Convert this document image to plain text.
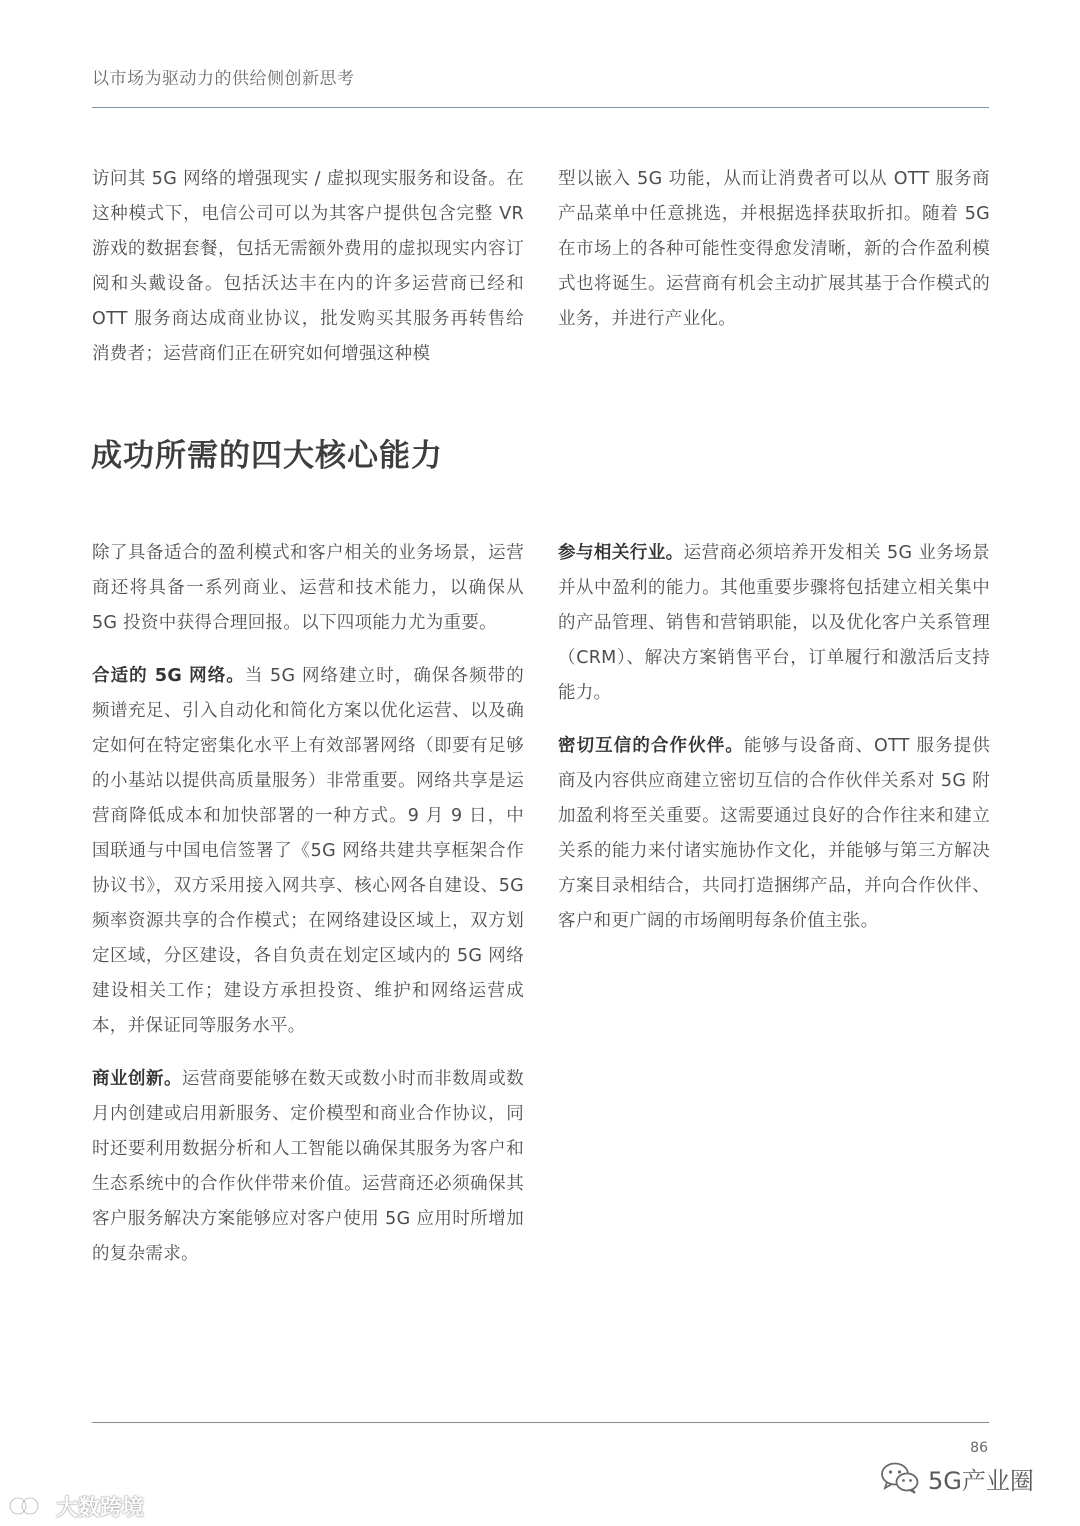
以市场为驱动力的供给侧创新思考

访问其 5G 网络的增强现实 / 虚拟现实服务和设备。在这种模式下，电信公司可以为其客户提供包含完整 VR 游戏的数据套餐，包括无需额外费用的虚拟现实内容订阅和头戴设备。包括沃达丰在内的许多运营商已经和 OTT 服务商达成商业协议，批发购买其服务再转售给消费者；运营商们正在研究如何增强这种模

型以嵌入 5G 功能，从而让消费者可以从 OTT 服务商产品菜单中任意挑选，并根据选择获取折扣。随着 5G 在市场上的各种可能性变得愈发清晰，新的合作盈利模式也将诞生。运营商有机会主动扩展其基于合作模式的业务，并进行产业化。

成功所需的四大核心能力

除了具备适合的盈利模式和客户相关的业务场景，运营商还将具备一系列商业、运营和技术能力，以确保从 5G 投资中获得合理回报。以下四项能力尤为重要。

合适的 5G 网络。当 5G 网络建立时，确保各频带的频谱充足、引入自动化和简化方案以优化运营、以及确定如何在特定密集化水平上有效部署网络（即要有足够的小基站以提供高质量服务）非常重要。网络共享是运营商降低成本和加快部署的一种方式。9 月 9 日，中国联通与中国电信签署了《5G 网络共建共享框架合作协议书》，双方采用接入网共享、核心网各自建设、5G 频率资源共享的合作模式；在网络建设区域上，双方划定区域，分区建设，各自负责在划定区域内的 5G 网络建设相关工作；建设方承担投资、维护和网络运营成本，并保证同等服务水平。

商业创新。运营商要能够在数天或数小时而非数周或数月内创建或启用新服务、定价模型和商业合作协议，同时还要利用数据分析和人工智能以确保其服务为客户和生态系统中的合作伙伴带来价值。运营商还必须确保其客户服务解决方案能够应对客户使用 5G 应用时所增加的复杂需求。

参与相关行业。运营商必须培养开发相关 5G 业务场景并从中盈利的能力。其他重要步骤将包括建立相关集中的产品管理、销售和营销职能，以及优化客户关系管理（CRM）、解决方案销售平台，订单履行和激活后支持能力。

密切互信的合作伙伴。能够与设备商、OTT 服务提供商及内容供应商建立密切互信的合作伙伴关系对 5G 附加盈利将至关重要。这需要通过良好的合作往来和建立关系的能力来付诸实施协作文化，并能够与第三方解决方案目录相结合，共同打造捆绑产品，并向合作伙伴、客户和更广阔的市场阐明每条价值主张。

86
5G产业圈
大数跨境
